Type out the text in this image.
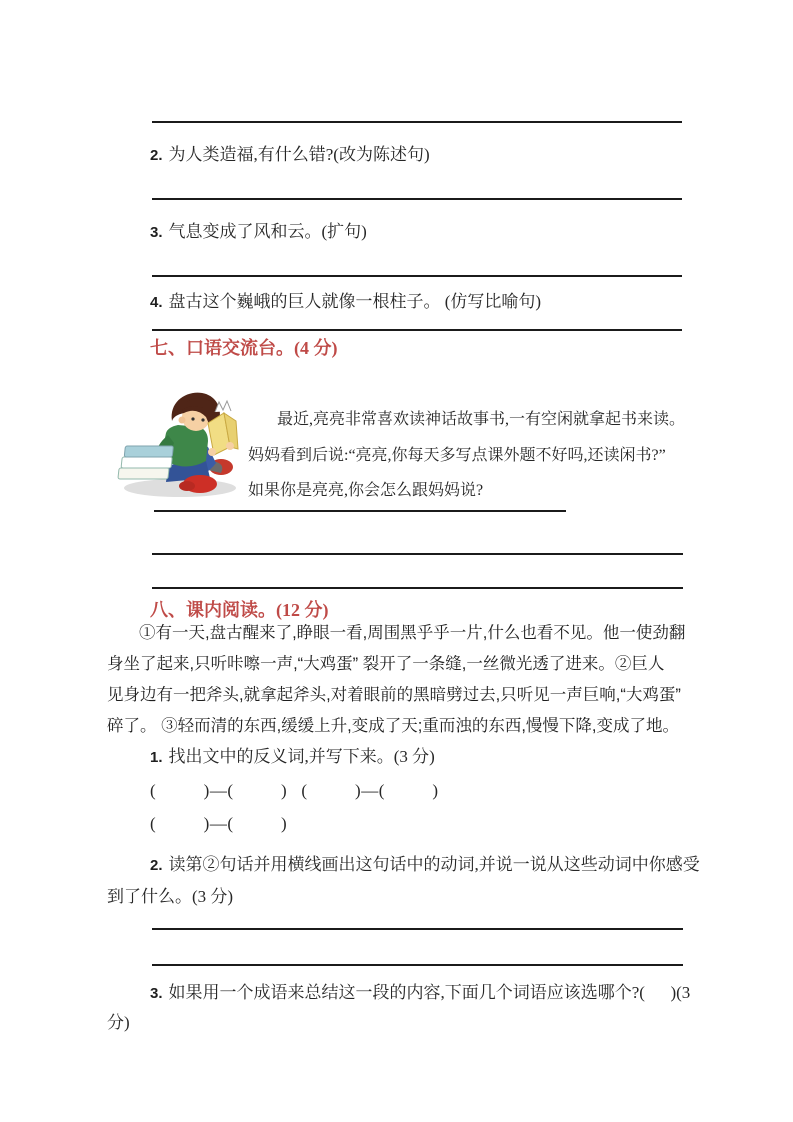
2. 为人类造福,有什么错?(改为陈述句)
3. 气息变成了风和云。(扩句)
4. 盘古这个巍峨的巨人就像一根柱子。 (仿写比喻句)
七、口语交流台。(4 分)
最近,亮亮非常喜欢读神话故事书,一有空闲就拿起书来读。
妈妈看到后说:“亮亮,你每天多写点课外题不好吗,还读闲书?”
如果你是亮亮,你会怎么跟妈妈说?
八、课内阅读。(12 分)
①有一天,盘古醒来了,睁眼一看,周围黑乎乎一片,什么也看不见。他一使劲翻
身坐了起来,只听咔嚓一声,“大鸡蛋” 裂开了一条缝,一丝微光透了进来。②巨人
见身边有一把斧头,就拿起斧头,对着眼前的黑暗劈过去,只听见一声巨响,“大鸡蛋”
碎了。 ③轻而清的东西,缓缓上升,变成了天;重而浊的东西,慢慢下降,变成了地。
1. 找出文中的反义词,并写下来。(3 分)
(          )—(          )   (          )—(          )
(          )—(          )
2. 读第②句话并用横线画出这句话中的动词,并说一说从这些动词中你感受
到了什么。(3 分)
3. 如果用一个成语来总结这一段的内容,下面几个词语应该选哪个?(      )(3
分)
